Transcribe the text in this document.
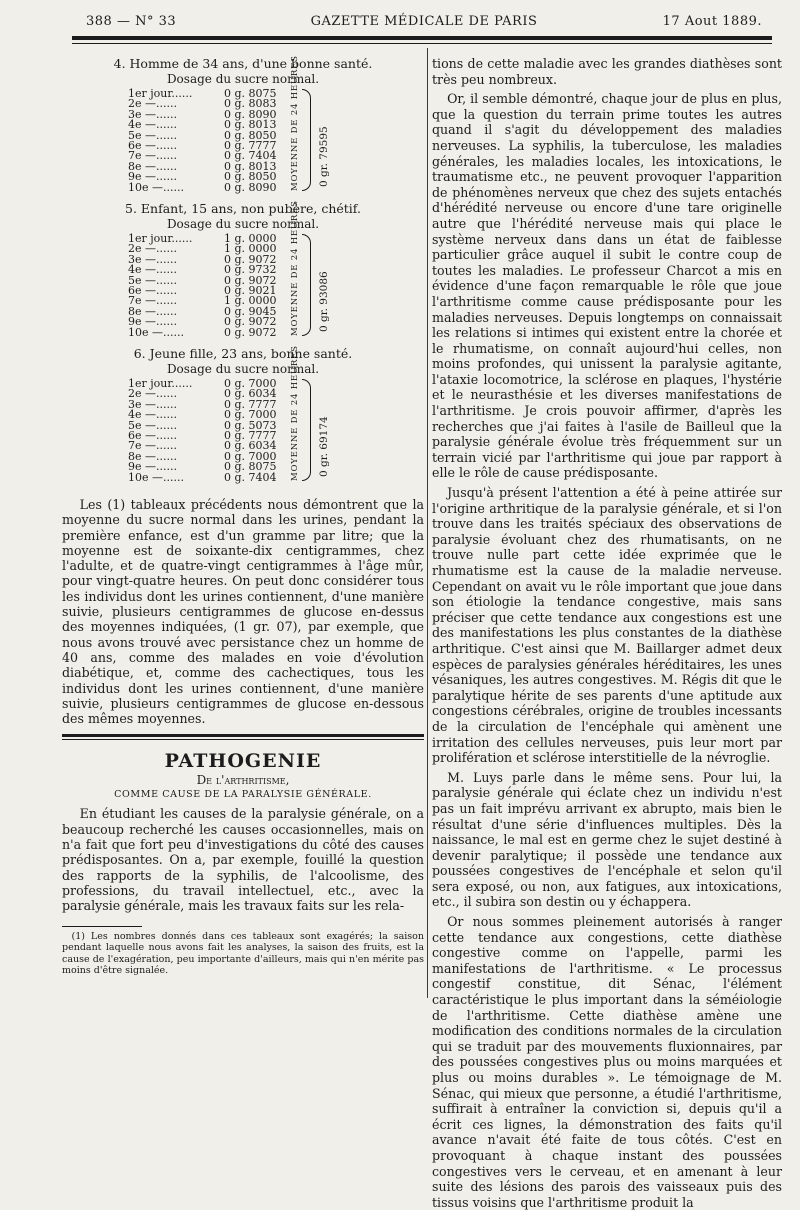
388 — N° 33	GAZETTE MÉDICALE DE PARIS	17 Aout 1889.
4. Homme de 34 ans, d'une bonne santé.
Dosage du sucre normal.
1er jour......	0 g. 8075
2e —......	0 g. 8083
3e —......	0 g. 8090
4e —......	0 g. 8013
5e —......	0 g. 8050
6e —......	0 g. 7777
7e —......	0 g. 7404
8e —......	0 g. 8013
9e —......	0 g. 8050
10e —......	0 g. 8090 MOYENNE DE 24 HEURES 0 gr. 79595
5. Enfant, 15 ans, non pubère, chétif.
Dosage du sucre normal.
1er jour......	1 g. 0000
2e —......	1 g. 0000
3e —......	0 g. 9072
4e —......	0 g. 9732
5e —......	0 g. 9072
6e —......	0 g. 9021
7e —......	1 g. 0000
8e —......	0 g. 9045
9e —......	0 g. 9072
10e —......	0 g. 9072 MOYENNE DE 24 HEURES 0 gr. 93086
6. Jeune fille, 23 ans, bonne santé.
Dosage du sucre normal.
1er jour......	0 g. 7000
2e —......	0 g. 6034
3e —......	0 g. 7777
4e —......	0 g. 7000
5e —......	0 g. 5073
6e —......	0 g. 7777
7e —......	0 g. 6034
8e —......	0 g. 7000
9e —......	0 g. 8075
10e —......	0 g. 7404 MOYENNE DE 24 HEURES 0 gr. 69174

Les (1) tableaux précédents nous démontrent que la moyenne du sucre normal dans les urines, pendant la première enfance, est d'un gramme par litre; que la moyenne est de soixante-dix centigrammes, chez l'adulte, et de quatre-vingt centigrammes à l'âge mûr, pour vingt-quatre heures. On peut donc considérer tous les individus dont les urines contiennent, d'une manière suivie, plusieurs centigrammes de glucose en-dessus des moyennes indiquées, (1 gr. 07), par exemple, que nous avons trouvé avec persistance chez un homme de 40 ans, comme des malades en voie d'évolution diabétique, et, comme des cachectiques, tous les individus dont les urines contiennent, d'une manière suivie, plusieurs centigrammes de glucose en-dessous des mêmes moyennes.

PATHOGENIE
De l'arthritisme,
COMME CAUSE DE LA PARALYSIE GÉNÉRALE.

En étudiant les causes de la paralysie générale, on a beaucoup recherché les causes occasionnelles, mais on n'a fait que fort peu d'investigations du côté des causes prédisposantes. On a, par exemple, fouillé la question des rapports de la syphilis, de l'alcoolisme, des professions, du travail intellectuel, etc., avec la paralysie générale, mais les travaux faits sur les rela-

(1) Les nombres donnés dans ces tableaux sont exagérés; la saison pendant laquelle nous avons fait les analyses, la saison des fruits, est la cause de l'exagération, peu importante d'ailleurs, mais qui n'en mérite pas moins d'être signalée.

tions de cette maladie avec les grandes diathèses sont très peu nombreux.

Or, il semble démontré, chaque jour de plus en plus, que la question du terrain prime toutes les autres quand il s'agit du développement des maladies nerveuses. La syphilis, la tuberculose, les maladies générales, les maladies locales, les intoxications, le traumatisme etc., ne peuvent provoquer l'apparition de phénomènes nerveux que chez des sujets entachés d'hérédité nerveuse ou encore d'une tare originelle autre que l'hérédité nerveuse mais qui place le système nerveux dans dans un état de faiblesse particulier grâce auquel il subit le contre coup de toutes les maladies. Le professeur Charcot a mis en évidence d'une façon remarquable le rôle que joue l'arthritisme comme cause prédisposante pour les maladies nerveuses. Depuis longtemps on connaissait les relations si intimes qui existent entre la chorée et le rhumatisme, on connaît aujourd'hui celles, non moins profondes, qui unissent la paralysie agitante, l'ataxie locomotrice, la sclérose en plaques, l'hystérie et le neurasthésie et les diverses manifestations de l'arthritisme. Je crois pouvoir affirmer, d'après les recherches que j'ai faites à l'asile de Bailleul que la paralysie générale évolue très fréquemment sur un terrain vicié par l'arthritisme qui joue par rapport à elle le rôle de cause prédisposante.

Jusqu'à présent l'attention a été à peine attirée sur l'origine arthritique de la paralysie générale, et si l'on trouve dans les traités spéciaux des observations de paralysie évoluant chez des rhumatisants, on ne trouve nulle part cette idée exprimée que le rhumatisme est la cause de la maladie nerveuse. Cependant on avait vu le rôle important que joue dans son étiologie la tendance congestive, mais sans préciser que cette tendance aux congestions est une des manifestations les plus constantes de la diathèse arthritique. C'est ainsi que M. Baillarger admet deux espèces de paralysies générales héréditaires, les unes vésaniques, les autres congestives. M. Régis dit que le paralytique hérite de ses parents d'une aptitude aux congestions cérébrales, origine de troubles incessants de la circulation de l'encéphale qui amènent une irritation des cellules nerveuses, puis leur mort par prolifération et sclérose interstitielle de la névroglie.

M. Luys parle dans le même sens. Pour lui, la paralysie générale qui éclate chez un individu n'est pas un fait imprévu arrivant ex abrupto, mais bien le résultat d'une série d'influences multiples. Dès la naissance, le mal est en germe chez le sujet destiné à devenir paralytique; il possède une tendance aux poussées congestives de l'encéphale et selon qu'il sera exposé, ou non, aux fatigues, aux intoxications, etc., il subira son destin ou y échappera.

Or nous sommes pleinement autorisés à ranger cette tendance aux congestions, cette diathèse congestive comme on l'appelle, parmi les manifestations de l'arthritisme. « Le processus congestif constitue, dit Sénac, l'élément caractéristique le plus important dans la séméiologie de l'arthritisme. Cette diathèse amène une modification des conditions normales de la circulation qui se traduit par des mouvements fluxionnaires, par des poussées congestives plus ou moins marquées et plus ou moins durables ». Le témoignage de M. Sénac, qui mieux que personne, a étudié l'arthritisme, suffirait à entraîner la conviction si, depuis qu'il a écrit ces lignes, la démonstration des faits qu'il avance n'avait été faite de tous côtés. C'est en provoquant à chaque instant des poussées congestives vers le cerveau, et en amenant à leur suite des lésions des parois des vaisseaux puis des tissus voisins que l'arthritisme produit la
